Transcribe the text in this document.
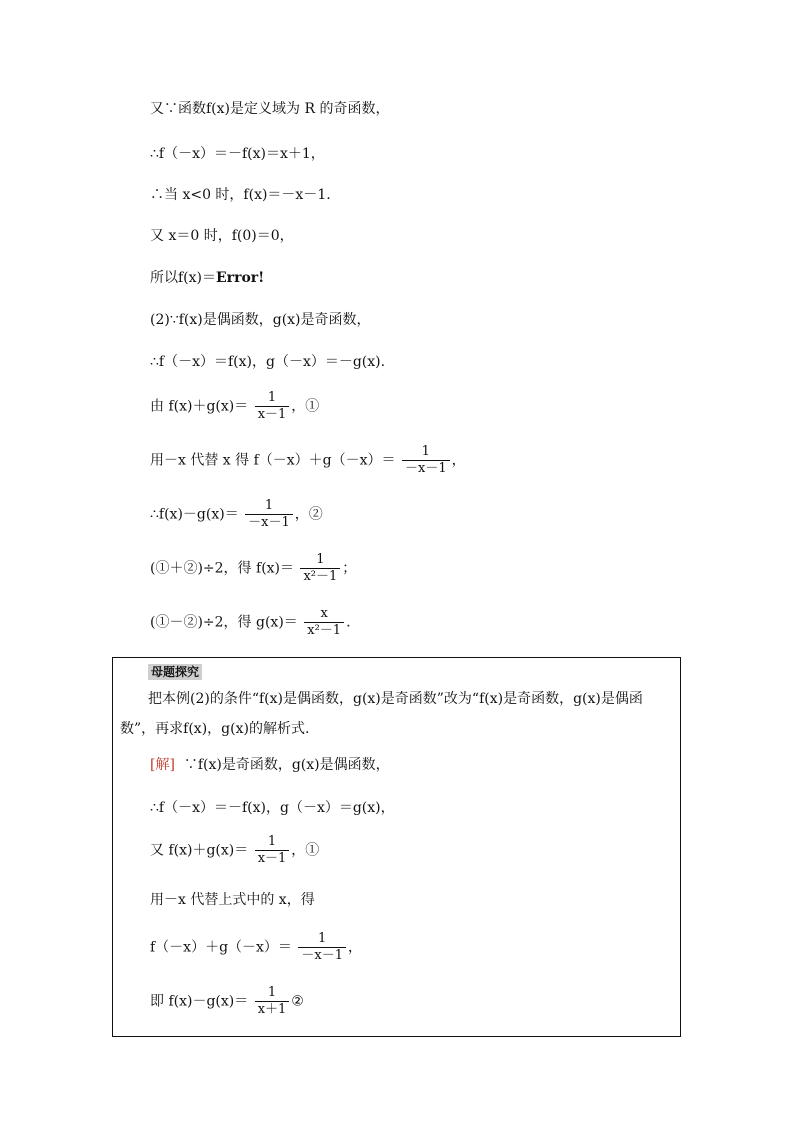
又∵函数f(x)是定义域为 R 的奇函数，
∴f（－x）＝－f(x)＝x＋1，
∴当 x<0 时，f(x)＝－x－1.
又 x＝0 时，f(0)＝0，
所以f(x)＝Error!
(2)∵f(x)是偶函数，g(x)是奇函数，
∴f（－x）＝f(x)，g（－x）＝－g(x).
由 $f(x)+g(x)= \frac{1}{x-1}$ ，①
用－x 代替 x 得 $f(-x)+g(-x)= \frac{1}{-x-1}$ ，
∴f(x)－g(x)＝ $\frac{1}{-x-1}$ ，②
(①＋②)÷2，得 $f(x)= \frac{1}{\text{x²－1}}$ ；
(①－②)÷2，得 $g(x)= \frac{x}{\text{x²－1}}$ .
母题探究
把本例(2)的条件“f(x)是偶函数，g(x)是奇函数”改为“f(x)是奇函数，g(x)是偶函数”，再求f(x)，g(x)的解析式.
[解] ∵f(x)是奇函数，g(x)是偶函数，
∴f（－x）＝－f(x)，g（－x）＝g(x)，
又 $f(x)+g(x)= \frac{1}{x-1}$ ，①
用－x 代替上式中的 x，得
$f(-x)+g(-x)= \frac{1}{-x-1}$ ，
即 $f(x)-g(x)= \frac{1}{x+1}$ ②
